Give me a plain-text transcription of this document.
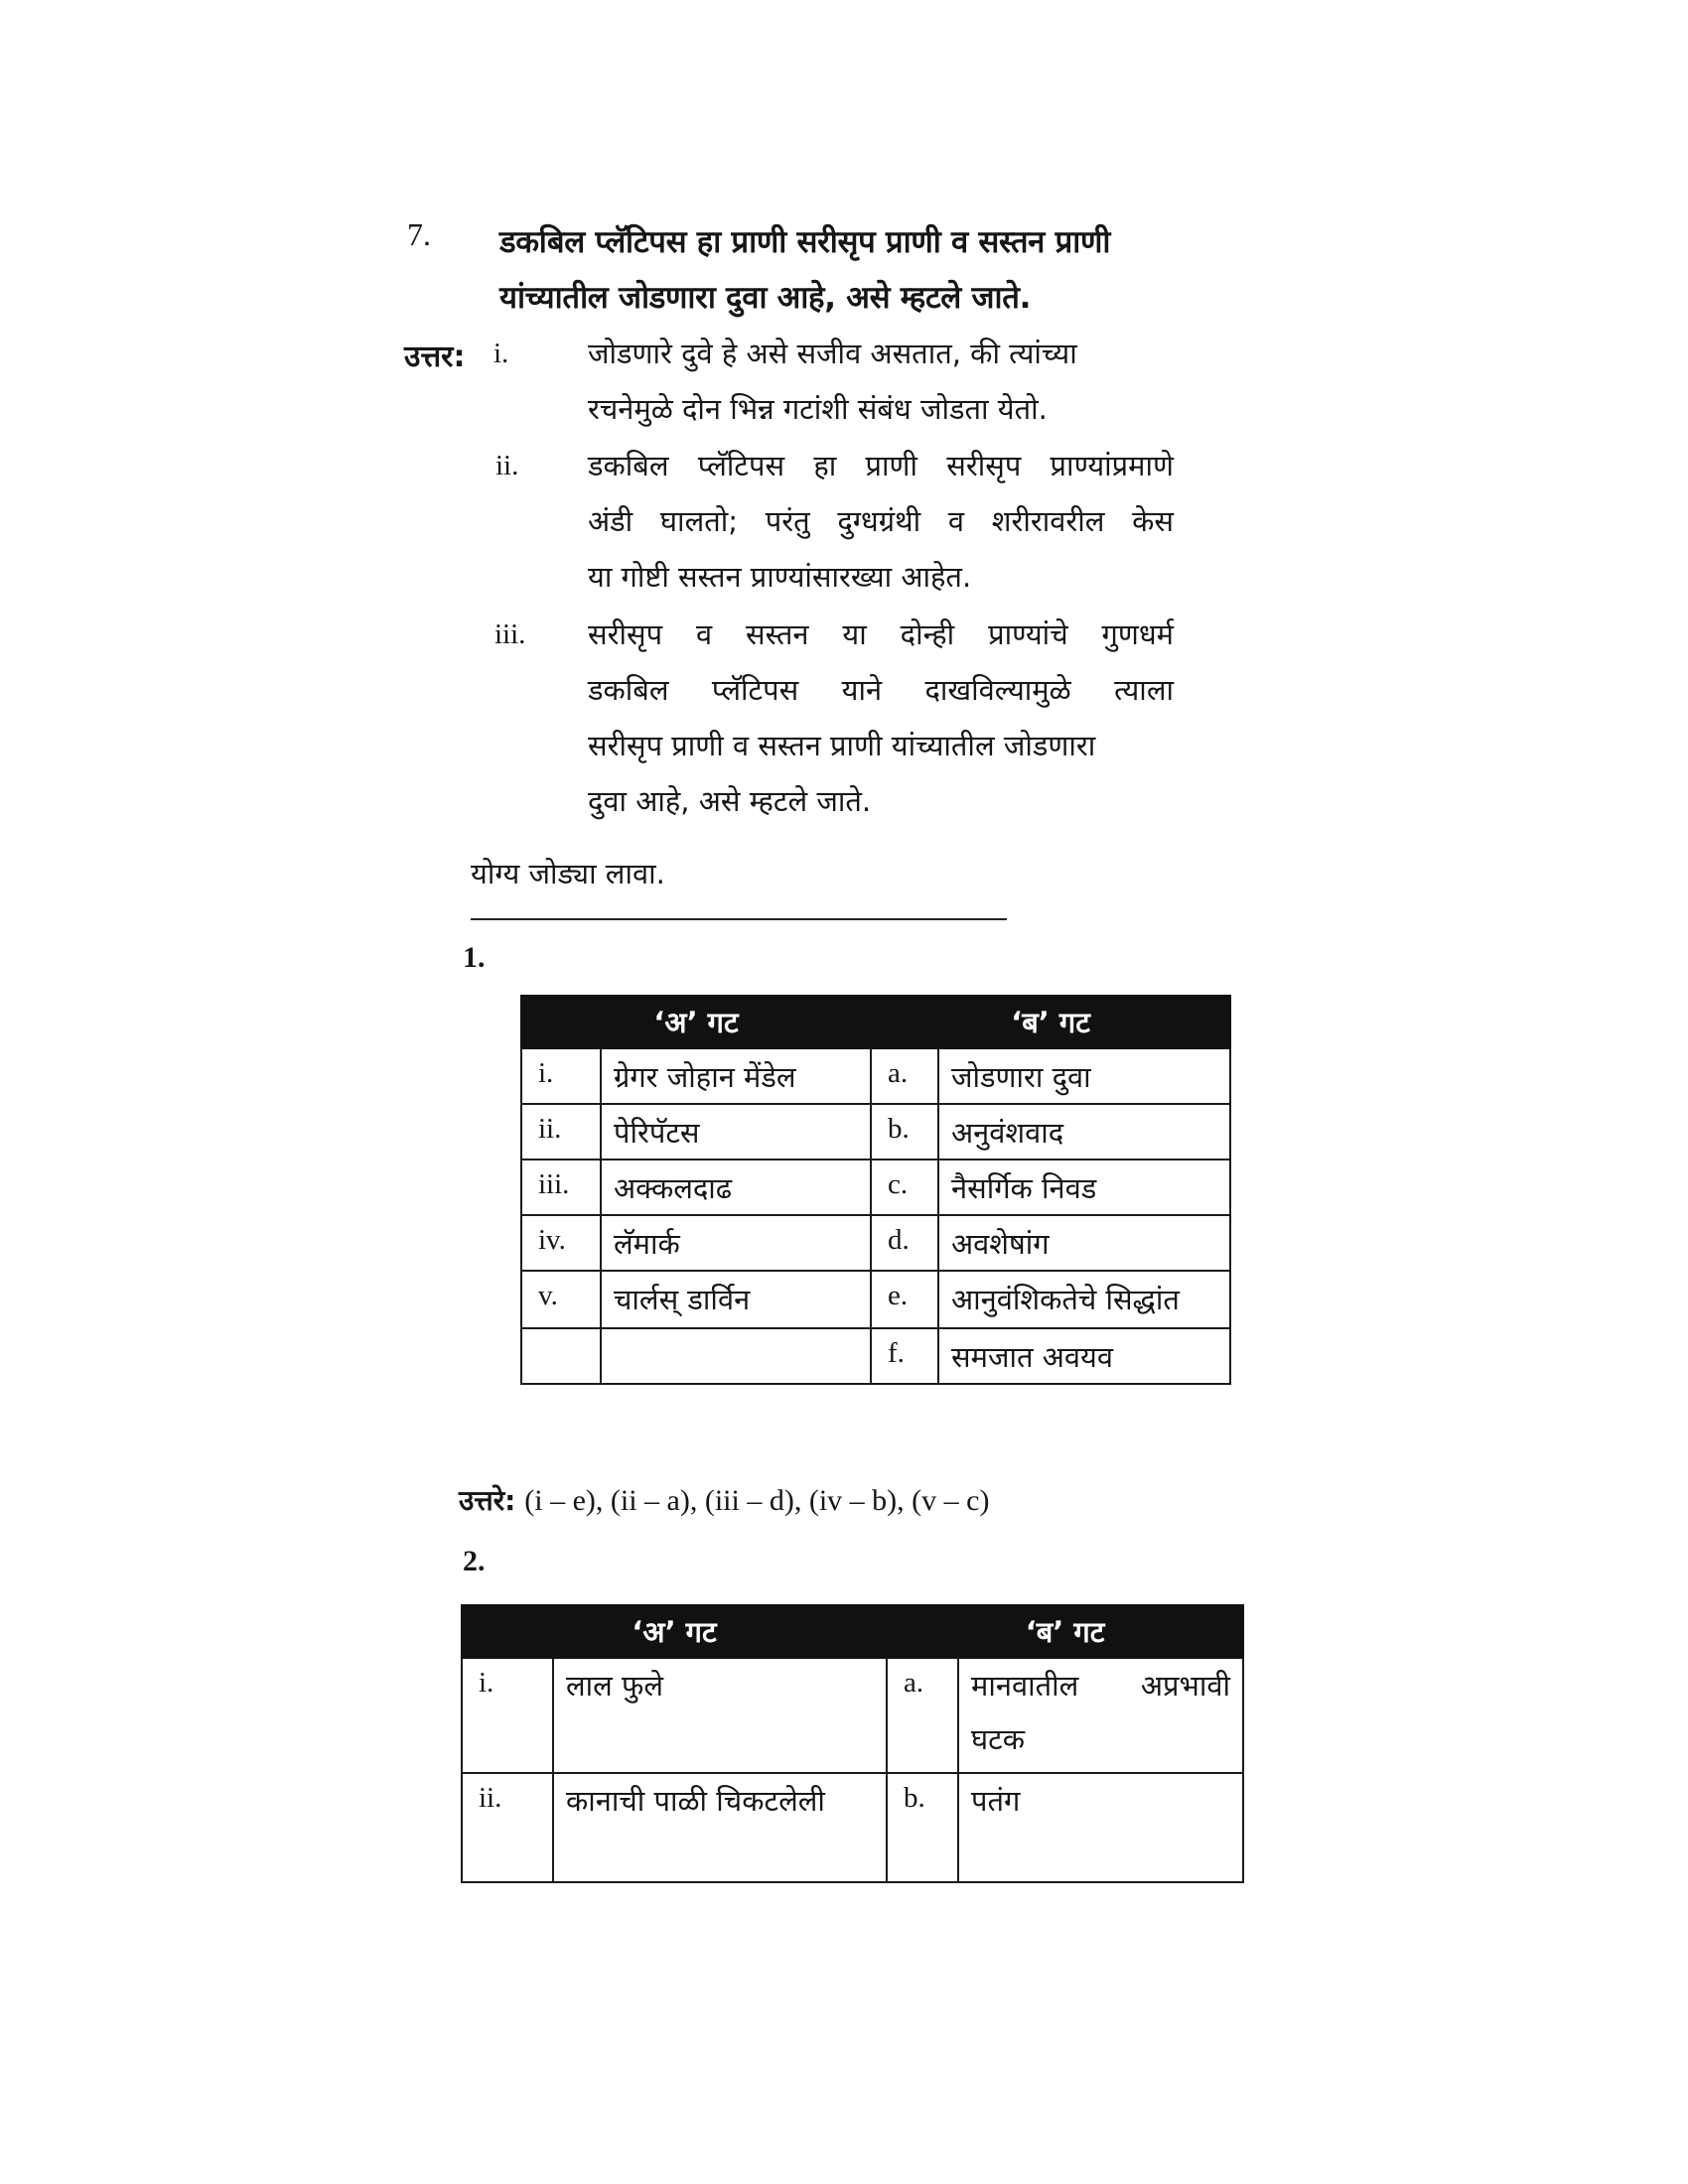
7. डकबिल प्लॅटिपस हा प्राणी सरीसृप प्राणी व सस्तन प्राणी
यांच्यातील जोडणारा दुवा आहे, असे म्हटले जाते.
उत्तर: i.	जोडणारे दुवे हे असे सजीव असतात, की त्यांच्या
रचनेमुळे दोन भिन्न गटांशी संबंध जोडता येतो.
ii. डकबिल प्लॅटिपस हा प्राणी सरीसृप प्राण्यांप्रमाणे
अंडी घालतो; परंतु दुग्धग्रंथी व शरीरावरील केस
या गोष्टी सस्तन प्राण्यांसारख्या आहेत.
iii. सरीसृप व सस्तन या दोन्ही प्राण्यांचे गुणधर्म
डकबिल प्लॅटिपस याने दाखविल्यामुळे त्याला
सरीसृप प्राणी व सस्तन प्राणी यांच्यातील जोडणारा
दुवा आहे, असे म्हटले जाते.
योग्य जोड्या लावा.
1.
‘अ’ गट		‘ब’ गट	
i.	ग्रेगर जोहान मेंडेल	a.	जोडणारा दुवा
ii.	पेरिपॅटस	b.	अनुवंशवाद
iii.	अक्कलदाढ	c.	नैसर्गिक निवड
iv.	लॅमार्क	d.	अवशेषांग
v.	चार्लस् डार्विन	e.	आनुवंशिकतेचे सिद्धांत
		f.	समजात अवयव
उत्तरे: (i – e), (ii – a), (iii – d), (iv – b), (v – c)
2.
‘अ’ गट		‘ब’ गट	
i.	लाल फुले	a.	मानवातील अप्रभावी घटक
ii.	कानाची पाळी चिकटलेली	b.	पतंग
